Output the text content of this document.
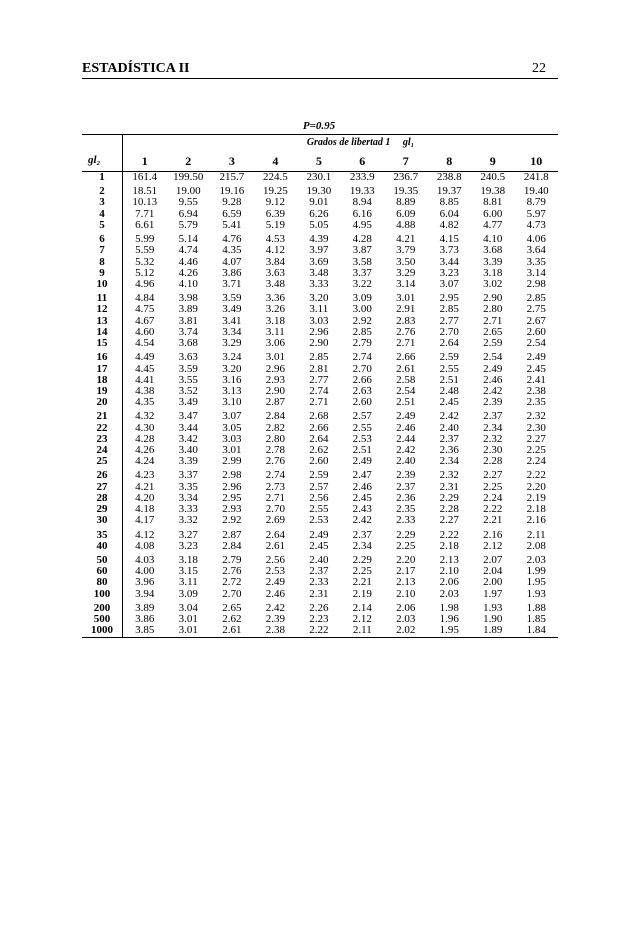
ESTADÍSTICA II	22
P=0.95

	Grados de libertad 1 gl₁									
gl₂	1	2	3	4	5	6	7	8	9	10
1	161.4	199.50	215.7	224.5	230.1	233.9	236.7	238.8	240.5	241.8
2	18.51	19.00	19.16	19.25	19.30	19.33	19.35	19.37	19.38	19.40
3	10.13	9.55	9.28	9.12	9.01	8.94	8.89	8.85	8.81	8.79
4	7.71	6.94	6.59	6.39	6.26	6.16	6.09	6.04	6.00	5.97
5	6.61	5.79	5.41	5.19	5.05	4.95	4.88	4.82	4.77	4.73
6	5.99	5.14	4.76	4.53	4.39	4.28	4.21	4.15	4.10	4.06
7	5.59	4.74	4.35	4.12	3.97	3.87	3.79	3.73	3.68	3.64
8	5.32	4.46	4.07	3.84	3.69	3.58	3.50	3.44	3.39	3.35
9	5.12	4.26	3.86	3.63	3.48	3.37	3.29	3.23	3.18	3.14
10	4.96	4.10	3.71	3.48	3.33	3.22	3.14	3.07	3.02	2.98
11	4.84	3.98	3.59	3.36	3.20	3.09	3.01	2.95	2.90	2.85
12	4.75	3.89	3.49	3.26	3.11	3.00	2.91	2.85	2.80	2.75
13	4.67	3.81	3.41	3.18	3.03	2.92	2.83	2.77	2.71	2.67
14	4.60	3.74	3.34	3.11	2.96	2.85	2.76	2.70	2.65	2.60
15	4.54	3.68	3.29	3.06	2.90	2.79	2.71	2.64	2.59	2.54
16	4.49	3.63	3.24	3.01	2.85	2.74	2.66	2.59	2.54	2.49
17	4.45	3.59	3.20	2.96	2.81	2.70	2.61	2.55	2.49	2.45
18	4.41	3.55	3.16	2.93	2.77	2.66	2.58	2.51	2.46	2.41
19	4.38	3.52	3.13	2.90	2.74	2.63	2.54	2.48	2.42	2.38
20	4.35	3.49	3.10	2.87	2.71	2.60	2.51	2.45	2.39	2.35
21	4.32	3.47	3.07	2.84	2.68	2.57	2.49	2.42	2.37	2.32
22	4.30	3.44	3.05	2.82	2.66	2.55	2.46	2.40	2.34	2.30
23	4.28	3.42	3.03	2.80	2.64	2.53	2.44	2.37	2.32	2.27
24	4.26	3.40	3.01	2.78	2.62	2.51	2.42	2.36	2.30	2.25
25	4.24	3.39	2.99	2.76	2.60	2.49	2.40	2.34	2.28	2.24
26	4.23	3.37	2.98	2.74	2.59	2.47	2.39	2.32	2.27	2.22
27	4.21	3.35	2.96	2.73	2.57	2.46	2.37	2.31	2.25	2.20
28	4.20	3.34	2.95	2.71	2.56	2.45	2.36	2.29	2.24	2.19
29	4.18	3.33	2.93	2.70	2.55	2.43	2.35	2.28	2.22	2.18
30	4.17	3.32	2.92	2.69	2.53	2.42	2.33	2.27	2.21	2.16
35	4.12	3.27	2.87	2.64	2.49	2.37	2.29	2.22	2.16	2.11
40	4.08	3.23	2.84	2.61	2.45	2.34	2.25	2.18	2.12	2.08
50	4.03	3.18	2.79	2.56	2.40	2.29	2.20	2.13	2.07	2.03
60	4.00	3.15	2.76	2.53	2.37	2.25	2.17	2.10	2.04	1.99
80	3.96	3.11	2.72	2.49	2.33	2.21	2.13	2.06	2.00	1.95
100	3.94	3.09	2.70	2.46	2.31	2.19	2.10	2.03	1.97	1.93
200	3.89	3.04	2.65	2.42	2.26	2.14	2.06	1.98	1.93	1.88
500	3.86	3.01	2.62	2.39	2.23	2.12	2.03	1.96	1.90	1.85
1000	3.85	3.01	2.61	2.38	2.22	2.11	2.02	1.95	1.89	1.84
